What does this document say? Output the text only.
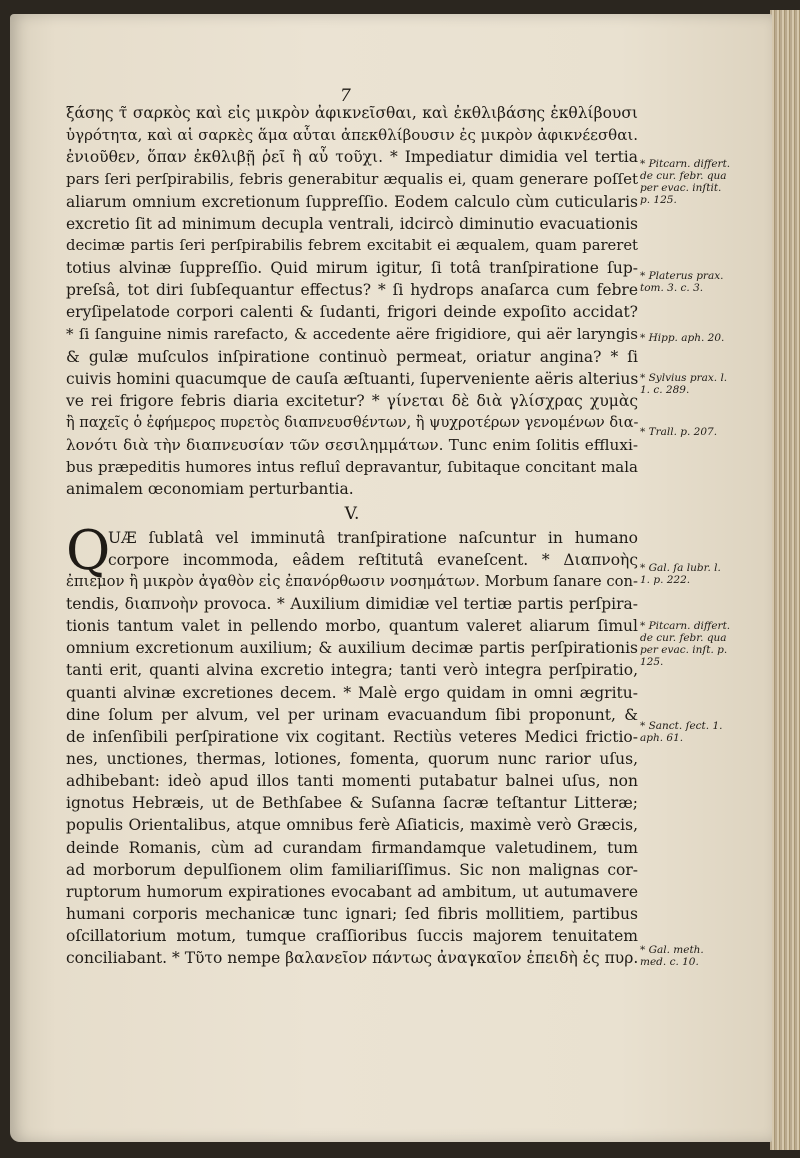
7
ξάσης τ̃ σαρκὸς καὶ εἰς μικρὸν ἀφικνεῖσθαι, καὶ ἐκθλιβάσης ἐκθλίβουσι
ὑγρότητα, καὶ αἱ σαρκὲς ἅμα αὗται ἀπεκθλίβουσιν ἐς μικρὸν ἀφικνέεσθαι.
ἐνιοῦθεν, ὅπαν ἐκθλιβῇ ῥεῖ ἢ αὖ τοῦχι. * Impediatur dimidia vel tertia
pars ſeri perſpirabilis, febris generabitur æqualis ei, quam generare poſſet
aliarum omnium excretionum ſuppreſſio. Eodem calculo cùm cuticularis
excretio ſit ad minimum decupla ventrali, idcircò diminutio evacuationis
decimæ partis ſeri perſpirabilis febrem excitabit ei æqualem, quam pareret
totius alvinæ ſuppreſſio. Quid mirum igitur, ſi totâ tranſpiratione ſup-
preſsâ, tot diri ſubſequantur effectus? * ſi hydrops anaſarca cum febre
eryſipelatode corpori calenti & ſudanti, frigori deinde expoſito accidat?
* ſi ſanguine nimis rarefacto, & accedente aëre frigidiore, qui aër laryngis
& gulæ muſculos inſpiratione continuò permeat, oriatur angina? * ſi
cuivis homini quacumque de cauſa æſtuanti, ſuperveniente aëris alterius
ve rei frigore febris diaria excitetur? * γίνεται δὲ διὰ γλίσχρας χυμὰς
ἢ παχεῖς ὁ ἐφήμερος πυρετὸς διαπνευσθέντων, ἢ ψυχροτέρων γενομένων δια-
λονότι διὰ τὴν διαπνευσίαν τῶν σεσιλημμάτων. Tunc enim ſolitis effluxi-
bus præpeditis humores intus refluî depravantur, ſubitaque concitant mala
animalem œconomiam perturbantia.
V.
UÆ ſublatâ vel imminutâ tranſpiratione naſcuntur in humano
corpore incommoda, eâdem reſtitutâ evaneſcent. * Διαπνοὴς
ἐπιεμον ἢ μικρὸν ἀγαθὸν εἰς ἐπανόρθωσιν νοσημάτων. Morbum ſanare con-
tendis, διαπνοὴν provoca. * Auxilium dimidiæ vel tertiæ partis perſpira-
tionis tantum valet in pellendo morbo, quantum valeret aliarum ſimul
omnium excretionum auxilium; & auxilium decimæ partis perſpirationis
tanti erit, quanti alvina excretio integra; tanti verò integra perſpiratio,
quanti alvinæ excretiones decem. * Malè ergo quidam in omni ægritu-
dine ſolum per alvum, vel per urinam evacuandum ſibi proponunt, &
de inſenſibili perſpiratione vix cogitant. Rectiùs veteres Medici frictio-
nes, unctiones, thermas, lotiones, fomenta, quorum nunc rarior uſus,
adhibebant: ideò apud illos tanti momenti putabatur balnei uſus, non
ignotus Hebræis, ut de Bethſabee & Suſanna ſacræ teſtantur Litteræ;
populis Orientalibus, atque omnibus ferè Aſiaticis, maximè verò Græcis,
deinde Romanis, cùm ad curandam firmandamque valetudinem, tum
ad morborum depulſionem olim familiariſſimus. Sic non malignas cor-
ruptorum humorum expirationes evocabant ad ambitum, ut autumavere
humani corporis mechanicæ tunc ignari; ſed fibris mollitiem, partibus
oſcillatorium motum, tumque craſſioribus ſuccis majorem tenuitatem
conciliabant. * Τῦτο nempe βαλανεῖον πάντως ἀναγκαῖον ἐπειδὴ ἐς πυρ.
Q
* Pitcarn. differt. de cur. febr. qua per evac. inſtit. p. 125.
* Platerus prax. tom. 3. c. 3.
* Hipp. aph. 20.
* Sylvius prax. l. 1. c. 289.
* Trall. p. 207.
* Gal. ſa lubr. l. 1. p. 222.
* Pitcarn. differt. de cur. febr. qua per evac. inſt. p. 125.
* Sanct. ſect. 1. aph. 61.
* Gal. meth. med. c. 10.
